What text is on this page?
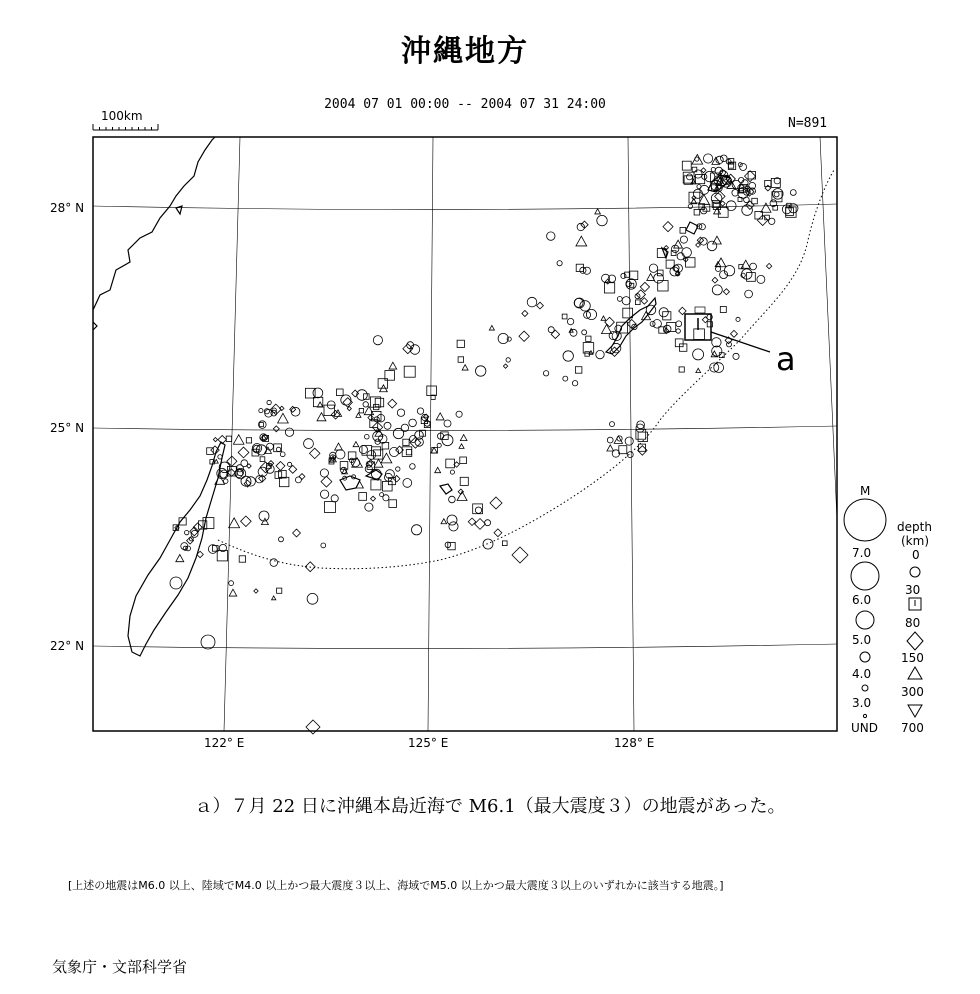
沖縄地方
2004 07 01 00:00 -- 2004 07 31 24:00
N=891
100km
a
28° N
25° N
22° N
122° E	125° E	128° E
M
7.0
6.0
5.0
4.0
3.0
UND
depth
(km)
0
30
80
150
300
700
ａ）７月 22 日に沖縄本島近海で M6.1（最大震度３）の地震があった。
[上述の地震はM6.0 以上、陸域でM4.0 以上かつ最大震度３以上、海域でM5.0 以上かつ最大震度３以上のいずれかに該当する地震。]
気象庁・文部科学省
